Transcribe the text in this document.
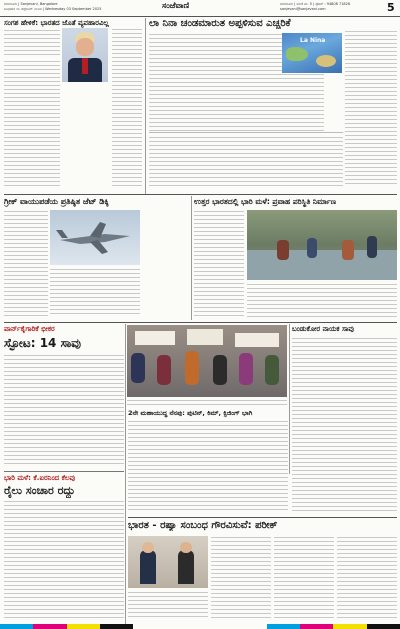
ಬೆಂಗಳೂರು | Sanjevani, Bangalore
ಬುಧವಾರ ೦೩ ಸೆಪ್ಟೆಂಬರ್ ೨೦೨೫ | Wednesday 03 September 2025	ಸಂಜೆವಾಣಿ	ಬೆಂಗಳೂರು | ಅಂಚೆ ನಂ. 5 | ಫೋನ್ : 94808 71826
sanjevani@sanjevani.com	5
ಸಂಗಶ ಹೇಳಿಕೆ: ಭಾರತದ ಜೊತೆ ವ್ಯವಹಾರವಿಲ್ಲ	ಲಾ ನಿನಾ ಚಂಡಮಾರುತ ಅಪ್ಪಳಿಸುವ ಎಚ್ಚರಿಕೆ
La Nina
ಗ್ರೀಕ್ ವಾಯುಪಡೆಯ ಪ್ರತಿಷ್ಠಿತ ಜೆಟ್ ಡಿಕ್ಕಿ	ಉತ್ತರ ಭಾರತದಲ್ಲಿ ಭಾರಿ ಮಳೆ: ಪ್ರವಾಹ ಪರಿಸ್ಥಿತಿ ನಿರ್ಮಾಣ
ಪಾರ್ನ್‌ಕೈಗಾರಿಕೆ ಭೀಕರ
ಸ್ಫೋಟ: 14 ಸಾವು
ಬಂಡುಕೋರ ನಾಯಕ ಸಾವು
ಭಾರಿ ಮಳೆ: ಕೆ.ಐರನಿಂದ ಕೆಲವು
ರೈಲು ಸಂಚಾರ ರದ್ದು
2ನೇ ಮಹಾಯುದ್ಧ ನೆನಪು: ಪುಟಿನ್, ಕಿಮ್, ಕ್ಸಿಜಿಂಗ್ ಭಾಗಿ
ಭಾರತ - ರಷ್ಯಾ ಸಂಬಂಧ ಗೌರವಿಸುವೆ: ಪರೀಕ್
